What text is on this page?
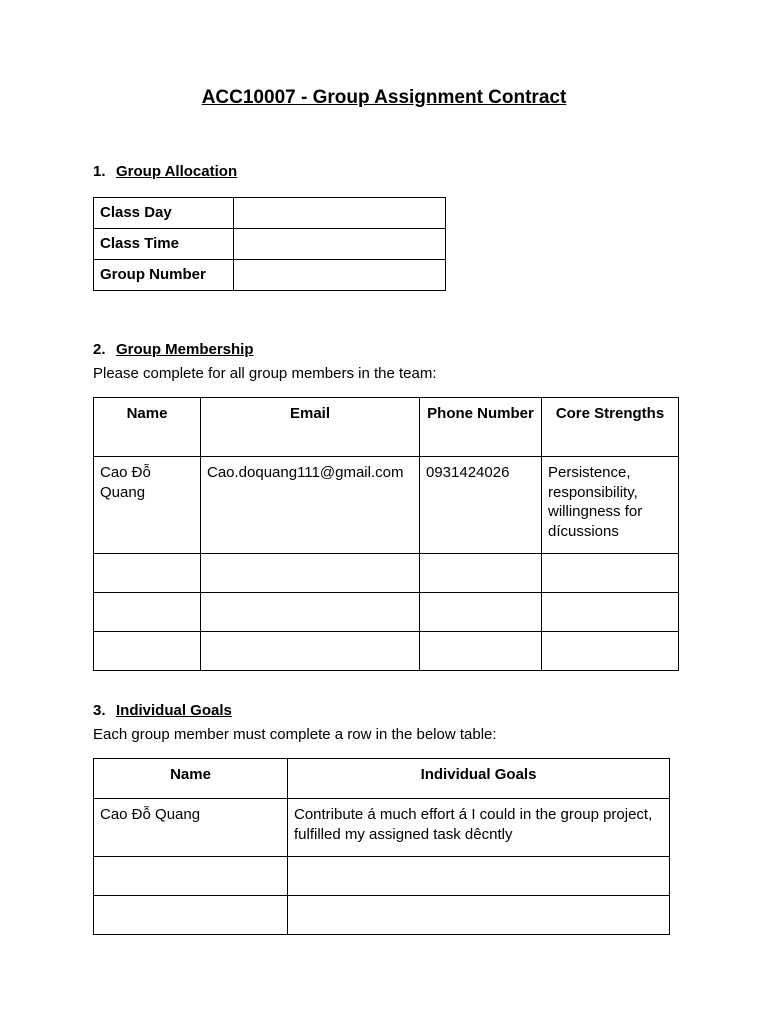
ACC10007 - Group Assignment Contract
1. Group Allocation
Class Day	
Class Time	
Group Number	
2. Group Membership
Please complete for all group members in the team:
Name	Email	Phone Number	Core Strengths
Cao Đỗ Quang	Cao.doquang111@gmail.com	0931424026	Persistence, responsibility, willingness for dícussions

3. Individual Goals
Each group member must complete a row in the below table:
Name	Individual Goals
Cao Đỗ Quang	Contribute á much effort á I could in the group project, fulfilled my assigned task dêcntly
